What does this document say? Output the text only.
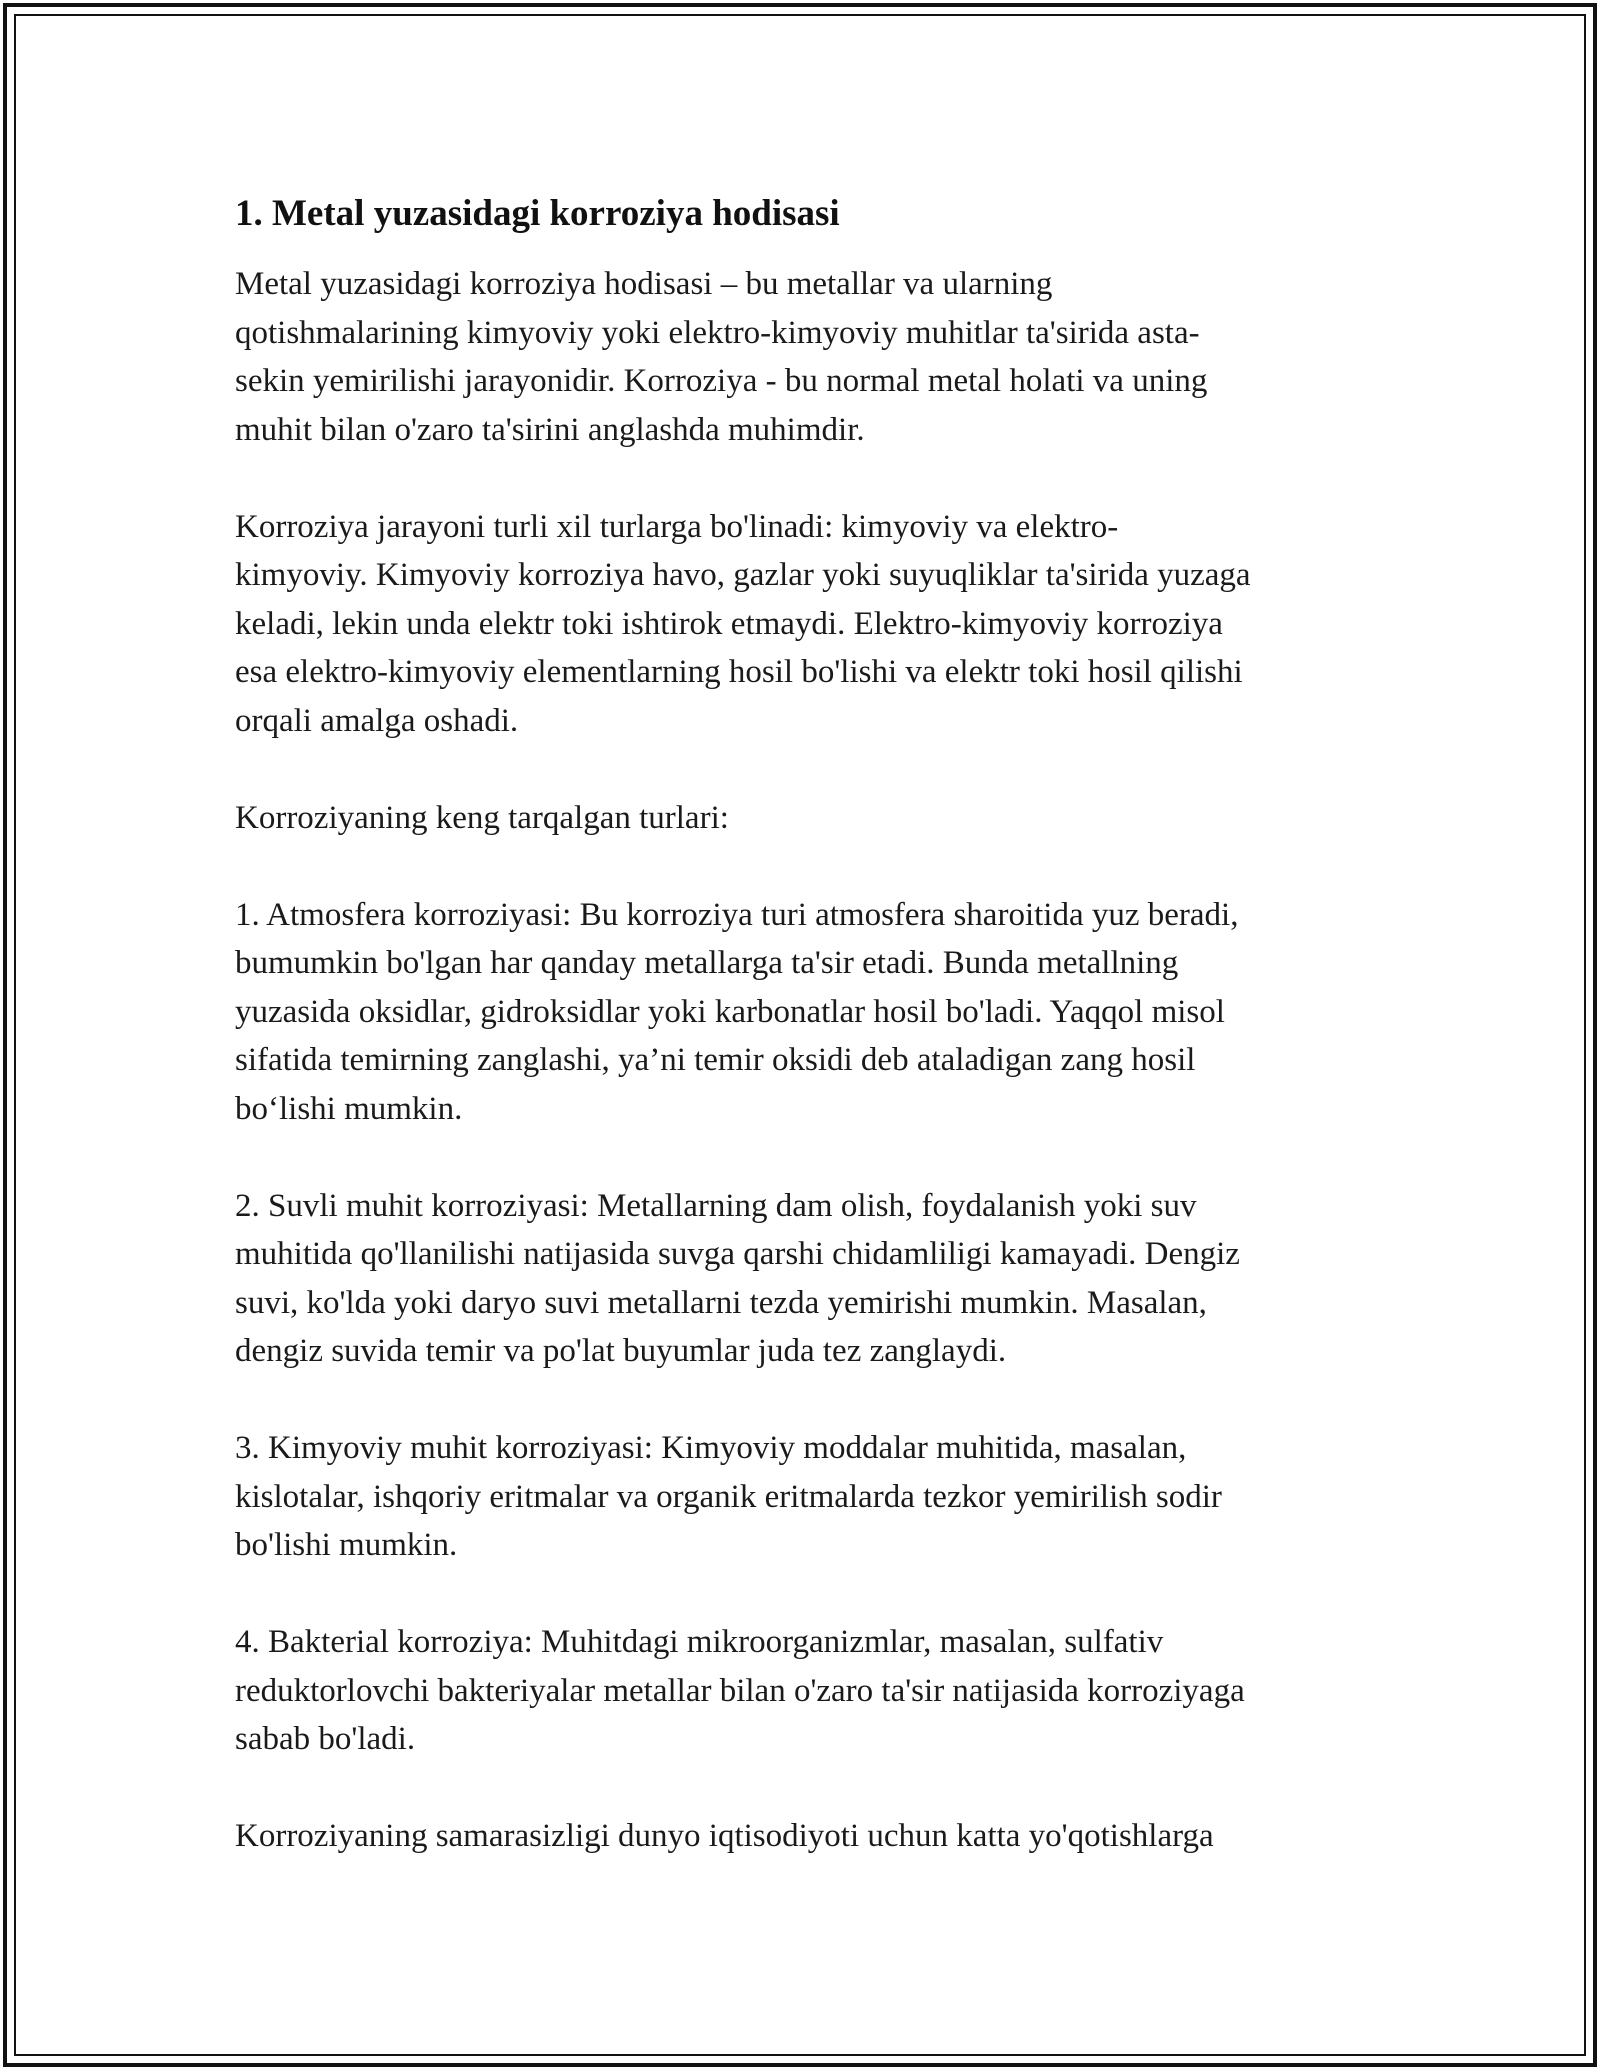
1. Metal yuzasidagi korroziya hodisasi
Metal yuzasidagi korroziya hodisasi – bu metallar va ularning
qotishmalarining kimyoviy yoki elektro-kimyoviy muhitlar ta'sirida asta-
sekin yemirilishi jarayonidir. Korroziya - bu normal metal holati va uning
muhit bilan o'zaro ta'sirini anglashda muhimdir.
Korroziya jarayoni turli xil turlarga bo'linadi: kimyoviy va elektro-
kimyoviy. Kimyoviy korroziya havo, gazlar yoki suyuqliklar ta'sirida yuzaga
keladi, lekin unda elektr toki ishtirok etmaydi. Elektro-kimyoviy korroziya
esa elektro-kimyoviy elementlarning hosil bo'lishi va elektr toki hosil qilishi
orqali amalga oshadi.
Korroziyaning keng tarqalgan turlari:
1. Atmosfera korroziyasi: Bu korroziya turi atmosfera sharoitida yuz beradi,
bumumkin bo'lgan har qanday metallarga ta'sir etadi. Bunda metallning
yuzasida oksidlar, gidroksidlar yoki karbonatlar hosil bo'ladi. Yaqqol misol
sifatida temirning zanglashi, ya’ni temir oksidi deb ataladigan zang hosil
bo‘lishi mumkin.
2. Suvli muhit korroziyasi: Metallarning dam olish, foydalanish yoki suv
muhitida qo'llanilishi natijasida suvga qarshi chidamliligi kamayadi. Dengiz
suvi, ko'lda yoki daryo suvi metallarni tezda yemirishi mumkin. Masalan,
dengiz suvida temir va po'lat buyumlar juda tez zanglaydi.
3. Kimyoviy muhit korroziyasi: Kimyoviy moddalar muhitida, masalan,
kislotalar, ishqoriy eritmalar va organik eritmalarda tezkor yemirilish sodir
bo'lishi mumkin.
4. Bakterial korroziya: Muhitdagi mikroorganizmlar, masalan, sulfativ
reduktorlovchi bakteriyalar metallar bilan o'zaro ta'sir natijasida korroziyaga
sabab bo'ladi.
Korroziyaning samarasizligi dunyo iqtisodiyoti uchun katta yo'qotishlarga
